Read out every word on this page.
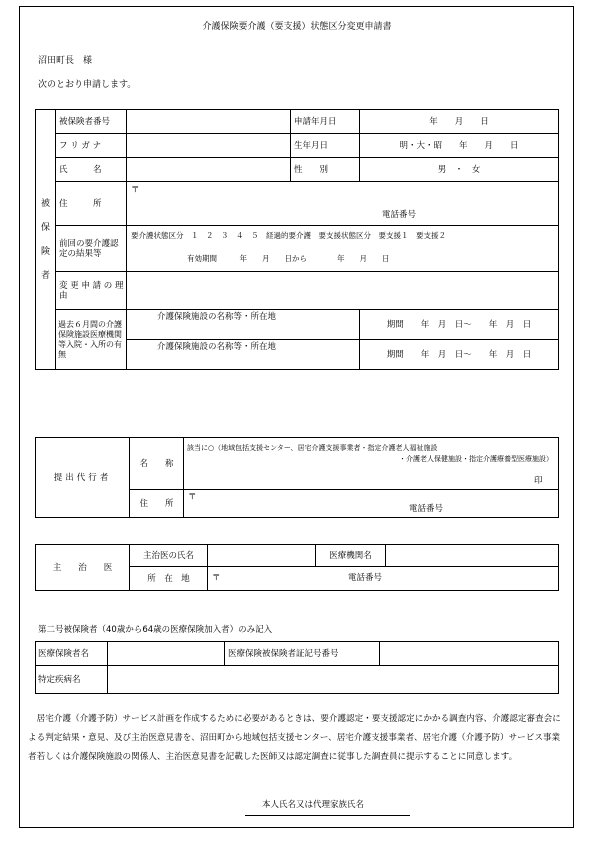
介護保険要介護（要支援）状態区分変更申請書
沼田町長　様
次のとおり申請します。
被
保
険
者	被保険者番号		申請年月日	年　　月　　日
	フ リ ガ ナ		生年月日	明・大・昭　　年　　月　　日
	氏　　　名		性　　別	男　・　女
	住　　　所	〒
電話番号		

	前回の要介護認定の結果等	要介護状態区分　１　２　３　４　５　経過的要介護　要支援状態区分　要支援１　要支援２
有効期間　　　年　　月　　日から　　　　年　　月　　日		

	変 更 申 請 の 理 由			
	過去６月間の介護保険施設医療機関等入院・入所の有　　無	介護保険施設の名称等・所在地		期間　　年　月　日～　　年　月　日
		介護保険施設の名称等・所在地		期間　　年　月　日～　　年　月　日
提出代行者	名　　称	該当に○（地域包括支援センター、居宅介護支援事業者・指定介護老人福祉施設
・介護老人保健施設・指定介護療養型医療施設）
印

	住　　所	〒
電話番号
主　　治　　医	主治医の氏名		医療機関名	
	所　在　地	〒 電話番号		
第二号被保険者（40歳から64歳の医療保険加入者）のみ記入
医療保険者名		医療保険被保険者証記号番号	
特定疾病名			
　居宅介護（介護予防）サービス計画を作成するために必要があるときは、要介護認定・要支援認定にかかる調査内容、介護認定審査会による判定結果・意見、及び主治医意見書を、沼田町から地域包括支援センター、居宅介護支援事業者、居宅介護（介護予防）サービス事業者若しくは介護保険施設の関係人、主治医意見書を記載した医師又は認定調査に従事した調査員に提示することに同意します。
本人氏名又は代理家族氏名
